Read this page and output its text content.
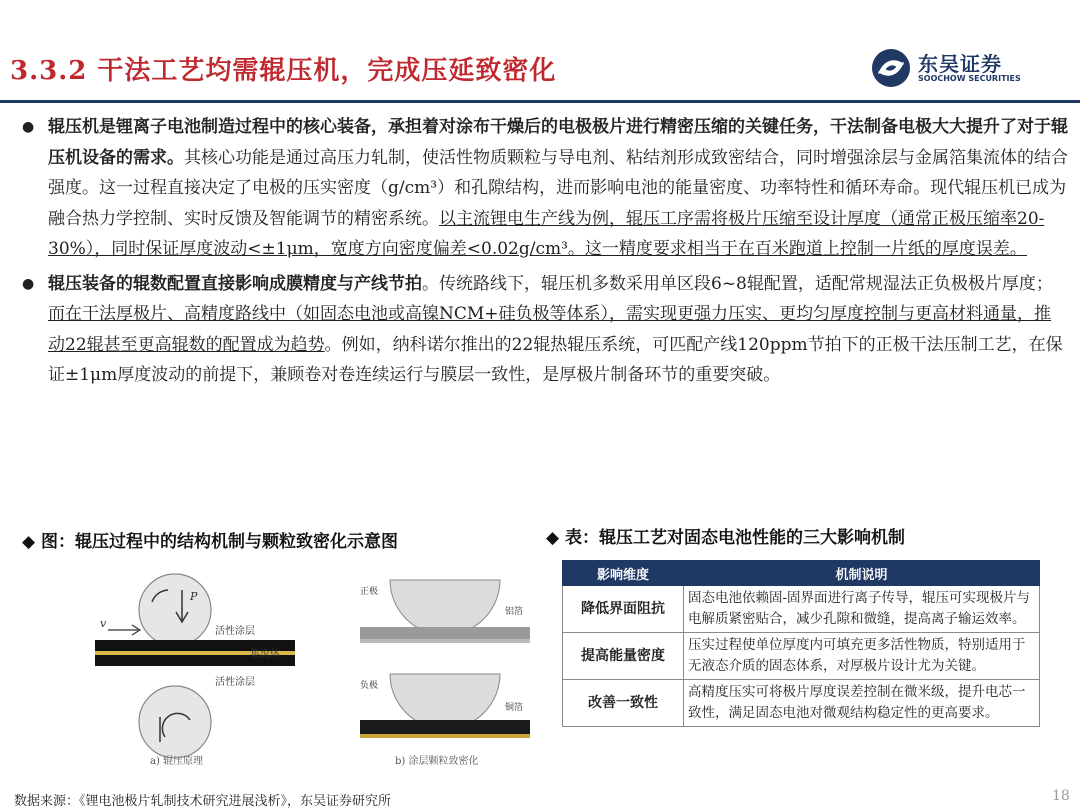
3.3.2 干法工艺均需辊压机，完成压延致密化	东吴证券
SOOCHOW SECURITIES
● 辊压机是锂离子电池制造过程中的核心装备，承担着对涂布干燥后的电极极片进行精密压缩的关键任务，干法制备电极大大提升了对于辊压机设备的需求。其核心功能是通过高压力轧制，使活性物质颗粒与导电剂、粘结剂形成致密结合，同时增强涂层与金属箔集流体的结合强度。这一过程直接决定了电极的压实密度（g/cm³）和孔隙结构，进而影响电池的能量密度、功率特性和循环寿命。现代辊压机已成为融合热力学控制、实时反馈及智能调节的精密系统。以主流锂电生产线为例，辊压工序需将极片压缩至设计厚度（通常正极压缩率20-30%），同时保证厚度波动<±1μm，宽度方向密度偏差<0.02g/cm³。这一精度要求相当于在百米跑道上控制一片纸的厚度误差。
● 辊压装备的辊数配置直接影响成膜精度与产线节拍。传统路线下，辊压机多数采用单区段6~8辊配置，适配常规湿法正负极极片厚度；而在干法厚极片、高精度路线中（如固态电池或高镍NCM+硅负极等体系），需实现更强力压实、更均匀厚度控制与更高材料通量，推动22辊甚至更高辊数的配置成为趋势。例如，纳科诺尔推出的22辊热辊压系统，可匹配产线120ppm节拍下的正极干法压制工艺，在保证±1μm厚度波动的前提下，兼顾卷对卷连续运行与膜层一致性，是厚极片制备环节的重要突破。
◆ 图：辊压过程中的结构机制与颗粒致密化示意图	◆ 表：辊压工艺对固态电池性能的三大影响机制
v
P
活性涂层
集流体
活性涂层
a) 辊压原理
正极
铝箔
负极
铜箔
b) 涂层颗粒致密化
影响维度	机制说明
降低界面阻抗	固态电池依赖固-固界面进行离子传导，辊压可实现极片与电解质紧密贴合，减少孔隙和微缝，提高离子输运效率。
提高能量密度	压实过程使单位厚度内可填充更多活性物质，特别适用于无液态介质的固态体系，对厚极片设计尤为关键。
改善一致性	高精度压实可将极片厚度误差控制在微米级，提升电芯一致性，满足固态电池对微观结构稳定性的更高要求。
数据来源：《锂电池极片轧制技术研究进展浅析》，东吴证券研究所	18
